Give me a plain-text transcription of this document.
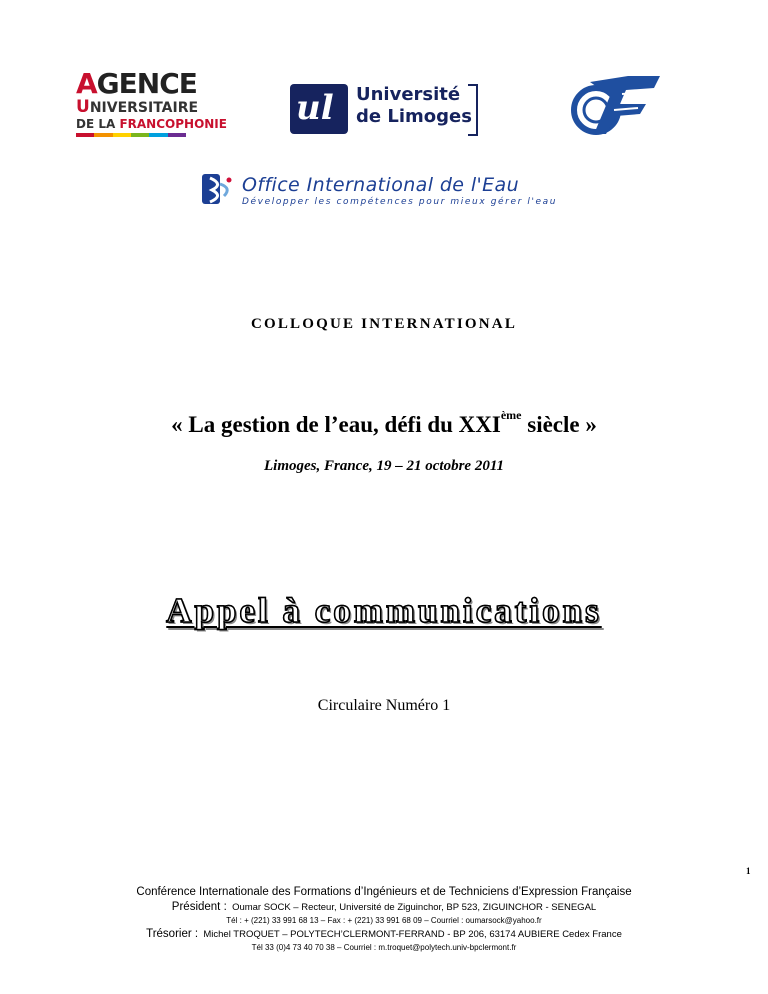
AGENCE
UNIVERSITAIRE
DE LA FRANCOPHONIE ul Université
de Limoges
Office International de l'Eau
Développer les compétences pour mieux gérer l'eau
COLLOQUE INTERNATIONAL
« La gestion de l’eau, défi du XXIème siècle »
Limoges, France, 19 – 21 octobre 2011
Appel à communications
Circulaire Numéro 1
1
Conférence Internationale des Formations d’Ingénieurs et de Techniciens d’Expression Française
Président : Oumar SOCK – Recteur, Université de Ziguinchor, BP 523, ZIGUINCHOR - SENEGAL
Tél : + (221) 33 991 68 13 – Fax : + (221) 33 991 68 09 – Courriel : oumarsock@yahoo.fr
Trésorier : Michel TROQUET – POLYTECH’CLERMONT-FERRAND - BP 206, 63174 AUBIERE Cedex France
Tél 33 (0)4 73 40 70 38 – Courriel : m.troquet@polytech.univ-bpclermont.fr
